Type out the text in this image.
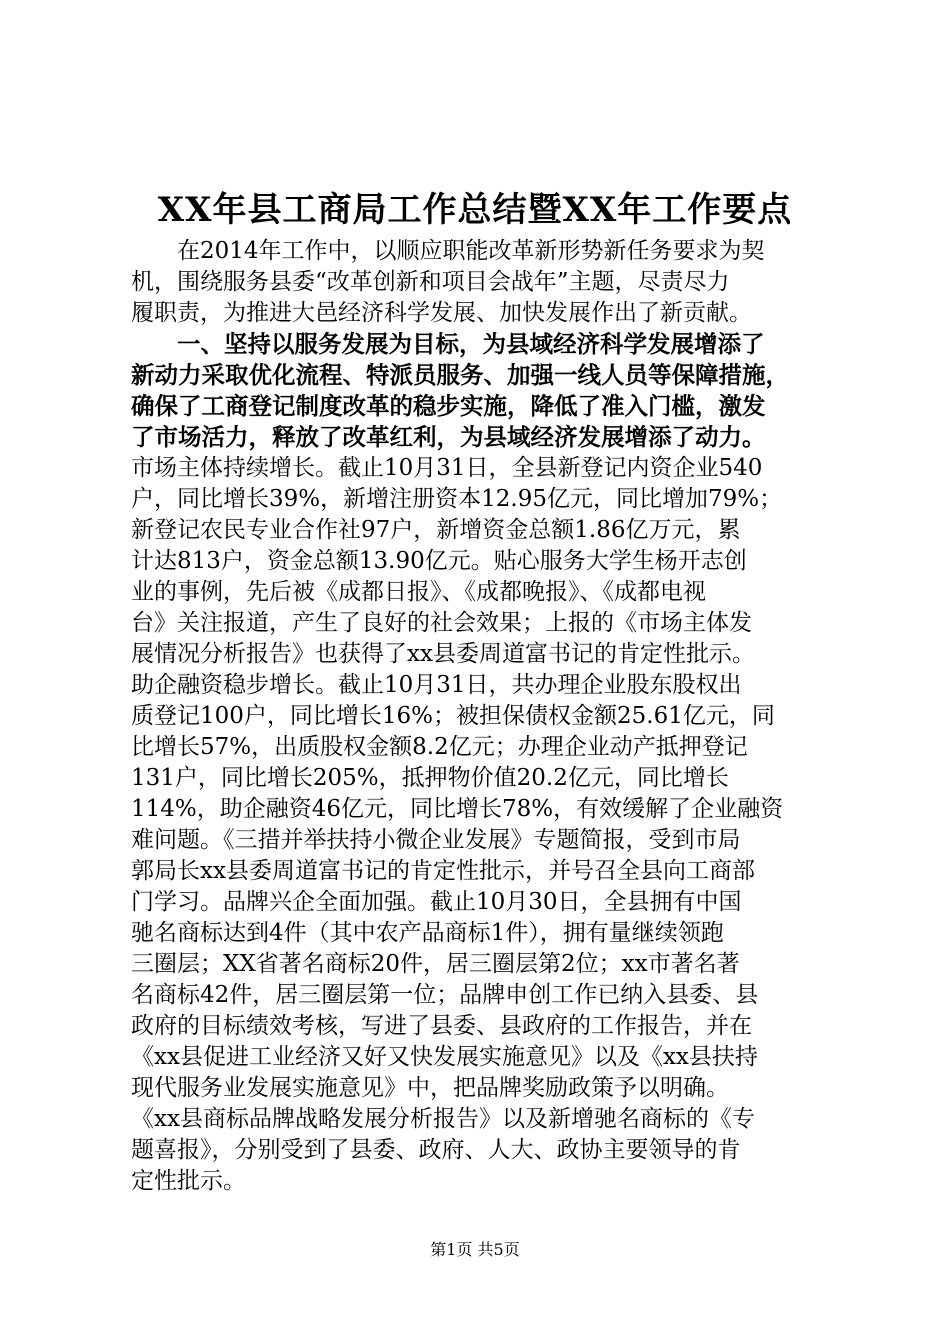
XX年县工商局工作总结暨XX年工作要点
在2014年工作中，以顺应职能改革新形势新任务要求为契
机，围绕服务县委“改革创新和项目会战年”主题，尽责尽力
履职责，为推进大邑经济科学发展、加快发展作出了新贡献。
一、坚持以服务发展为目标，为县域经济科学发展增添了
新动力采取优化流程、特派员服务、加强一线人员等保障措施，
确保了工商登记制度改革的稳步实施，降低了准入门槛，激发
了市场活力，释放了改革红利，为县域经济发展增添了动力。
市场主体持续增长。截止10月31日，全县新登记内资企业540
户，同比增长39%，新增注册资本12.95亿元，同比增加79%；
新登记农民专业合作社97户，新增资金总额1.86亿万元，累
计达813户，资金总额13.90亿元。贴心服务大学生杨开志创
业的事例，先后被《成都日报》、《成都晚报》、《成都电视
台》关注报道，产生了良好的社会效果；上报的《市场主体发
展情况分析报告》也获得了xx县委周道富书记的肯定性批示。
助企融资稳步增长。截止10月31日，共办理企业股东股权出
质登记100户，同比增长16%；被担保债权金额25.61亿元，同
比增长57%，出质股权金额8.2亿元；办理企业动产抵押登记
131户，同比增长205%，抵押物价值20.2亿元，同比增长
114%，助企融资46亿元，同比增长78%，有效缓解了企业融资
难问题。《三措并举扶持小微企业发展》专题简报，受到市局
郭局长xx县委周道富书记的肯定性批示，并号召全县向工商部
门学习。品牌兴企全面加强。截止10月30日，全县拥有中国
驰名商标达到4件（其中农产品商标1件），拥有量继续领跑
三圈层；XX省著名商标20件，居三圈层第2位；xx市著名著
名商标42件，居三圈层第一位；品牌申创工作已纳入县委、县
政府的目标绩效考核，写进了县委、县政府的工作报告，并在
《xx县促进工业经济又好又快发展实施意见》以及《xx县扶持
现代服务业发展实施意见》中，把品牌奖励政策予以明确。
《xx县商标品牌战略发展分析报告》以及新增驰名商标的《专
题喜报》，分别受到了县委、政府、人大、政协主要领导的肯
定性批示。
第1页 共5页
